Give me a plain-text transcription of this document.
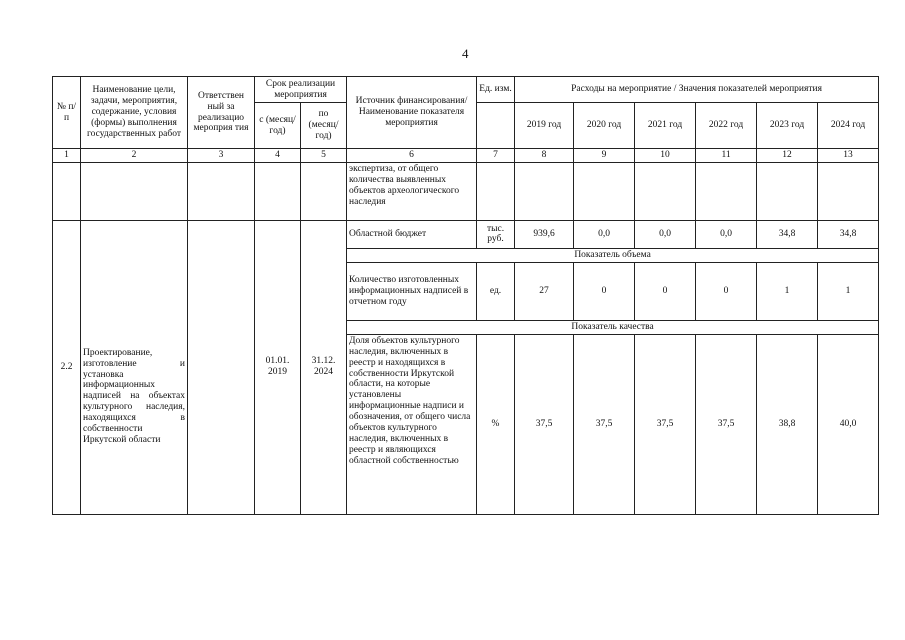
4
№ п/п	Наименование цели, задачи, мероприятия, содержание, условия (формы) выполнения государственных работ	Ответствен ный за реализацио мероприя тия	Срок реализации мероприятия		Источник финансирования/ Наименование показателя мероприятия	Ед. изм.	Расходы на мероприятие / Значения показателей мероприятия					
			с (месяц/ год)	по (месяц/ год)			2019 год	2020 год	2021 год	2022 год	2023 год	2024 год
1	2	3	4	5	6	7	8	9	10	11	12	13
					экспертиза, от общего количества выявленных объектов археологического наследия							
2.2	Проектирование, изготовление и установка информационных надписей на объектах культурного наследия, находящихся в собственности Иркутской области		01.01. 2019	31.12. 2024	Областной бюджет	тыс. руб.	939,6	0,0	0,0	0,0	34,8	34,8
					Показатель объема							
					Количество изготовленных информационных надписей в отчетном году	ед.	27	0	0	0	1	1
					Показатель качества							
					Доля объектов культурного наследия, включенных в реестр и находящихся в собственности Иркутской области, на которые установлены информационные надписи и обозначения, от общего числа объектов культурного наследия, включенных в реестр и являющихся областной собственностью	%	37,5	37,5	37,5	37,5	38,8	40,0
